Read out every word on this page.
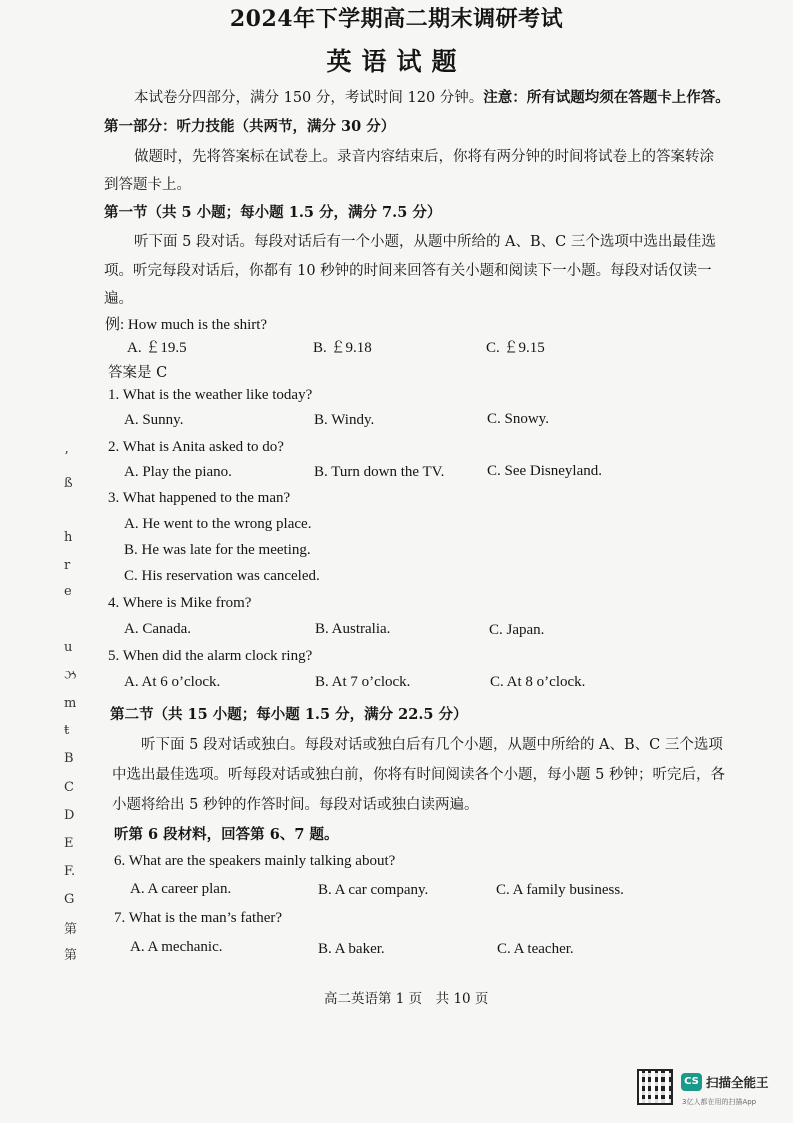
2024年下学期高二期末调研考试
英语试题
本试卷分四部分，满分 150 分，考试时间 120 分钟。注意：所有试题均须在答题卡上作答。
第一部分：听力技能（共两节，满分 30 分）
做题时，先将答案标在试卷上。录音内容结束后，你将有两分钟的时间将试卷上的答案转涂
到答题卡上。
第一节（共 5 小题；每小题 1.5 分，满分 7.5 分）
听下面 5 段对话。每段对话后有一个小题，从题中所给的 A、B、C 三个选项中选出最佳选
项。听完每段对话后，你都有 10 秒钟的时间来回答有关小题和阅读下一小题。每段对话仅读一
遍。
例: How much is the shirt?
A. ￡19.5	B. ￡9.18	C. ￡9.15
答案是 C
1. What is the weather like today?
A. Sunny.	B. Windy.	C. Snowy.
2. What is Anita asked to do?
A. Play the piano.	B. Turn down the TV.	C. See Disneyland.
3. What happened to the man?
A. He went to the wrong place.
B. He was late for the meeting.
C. His reservation was canceled.
4. Where is Mike from?
A. Canada.	B. Australia.	C. Japan.
5. When did the alarm clock ring?
A. At 6 o’clock.	B. At 7 o’clock.	C. At 8 o’clock.
第二节（共 15 小题；每小题 1.5 分，满分 22.5 分）
听下面 5 段对话或独白。每段对话或独白后有几个小题，从题中所给的 A、B、C 三个选项
中选出最佳选项。听每段对话或独白前，你将有时间阅读各个小题，每小题 5 秒钟；听完后，各
小题将给出 5 秒钟的作答时间。每段对话或独白读两遍。
听第 6 段材料，回答第 6、7 题。
6. What are the speakers mainly talking about?
A. A career plan.	B. A car company.	C. A family business.
7. What is the man’s father?
A. A mechanic.	B. A baker.	C. A teacher.
ʼ
ß
h
r
e
u
ઝ
m
ŧ
B
C
D
E
F.
G
第
第
高二英语第 1 页　共 10 页
CS 扫描全能王
3亿人都在用的扫描App
